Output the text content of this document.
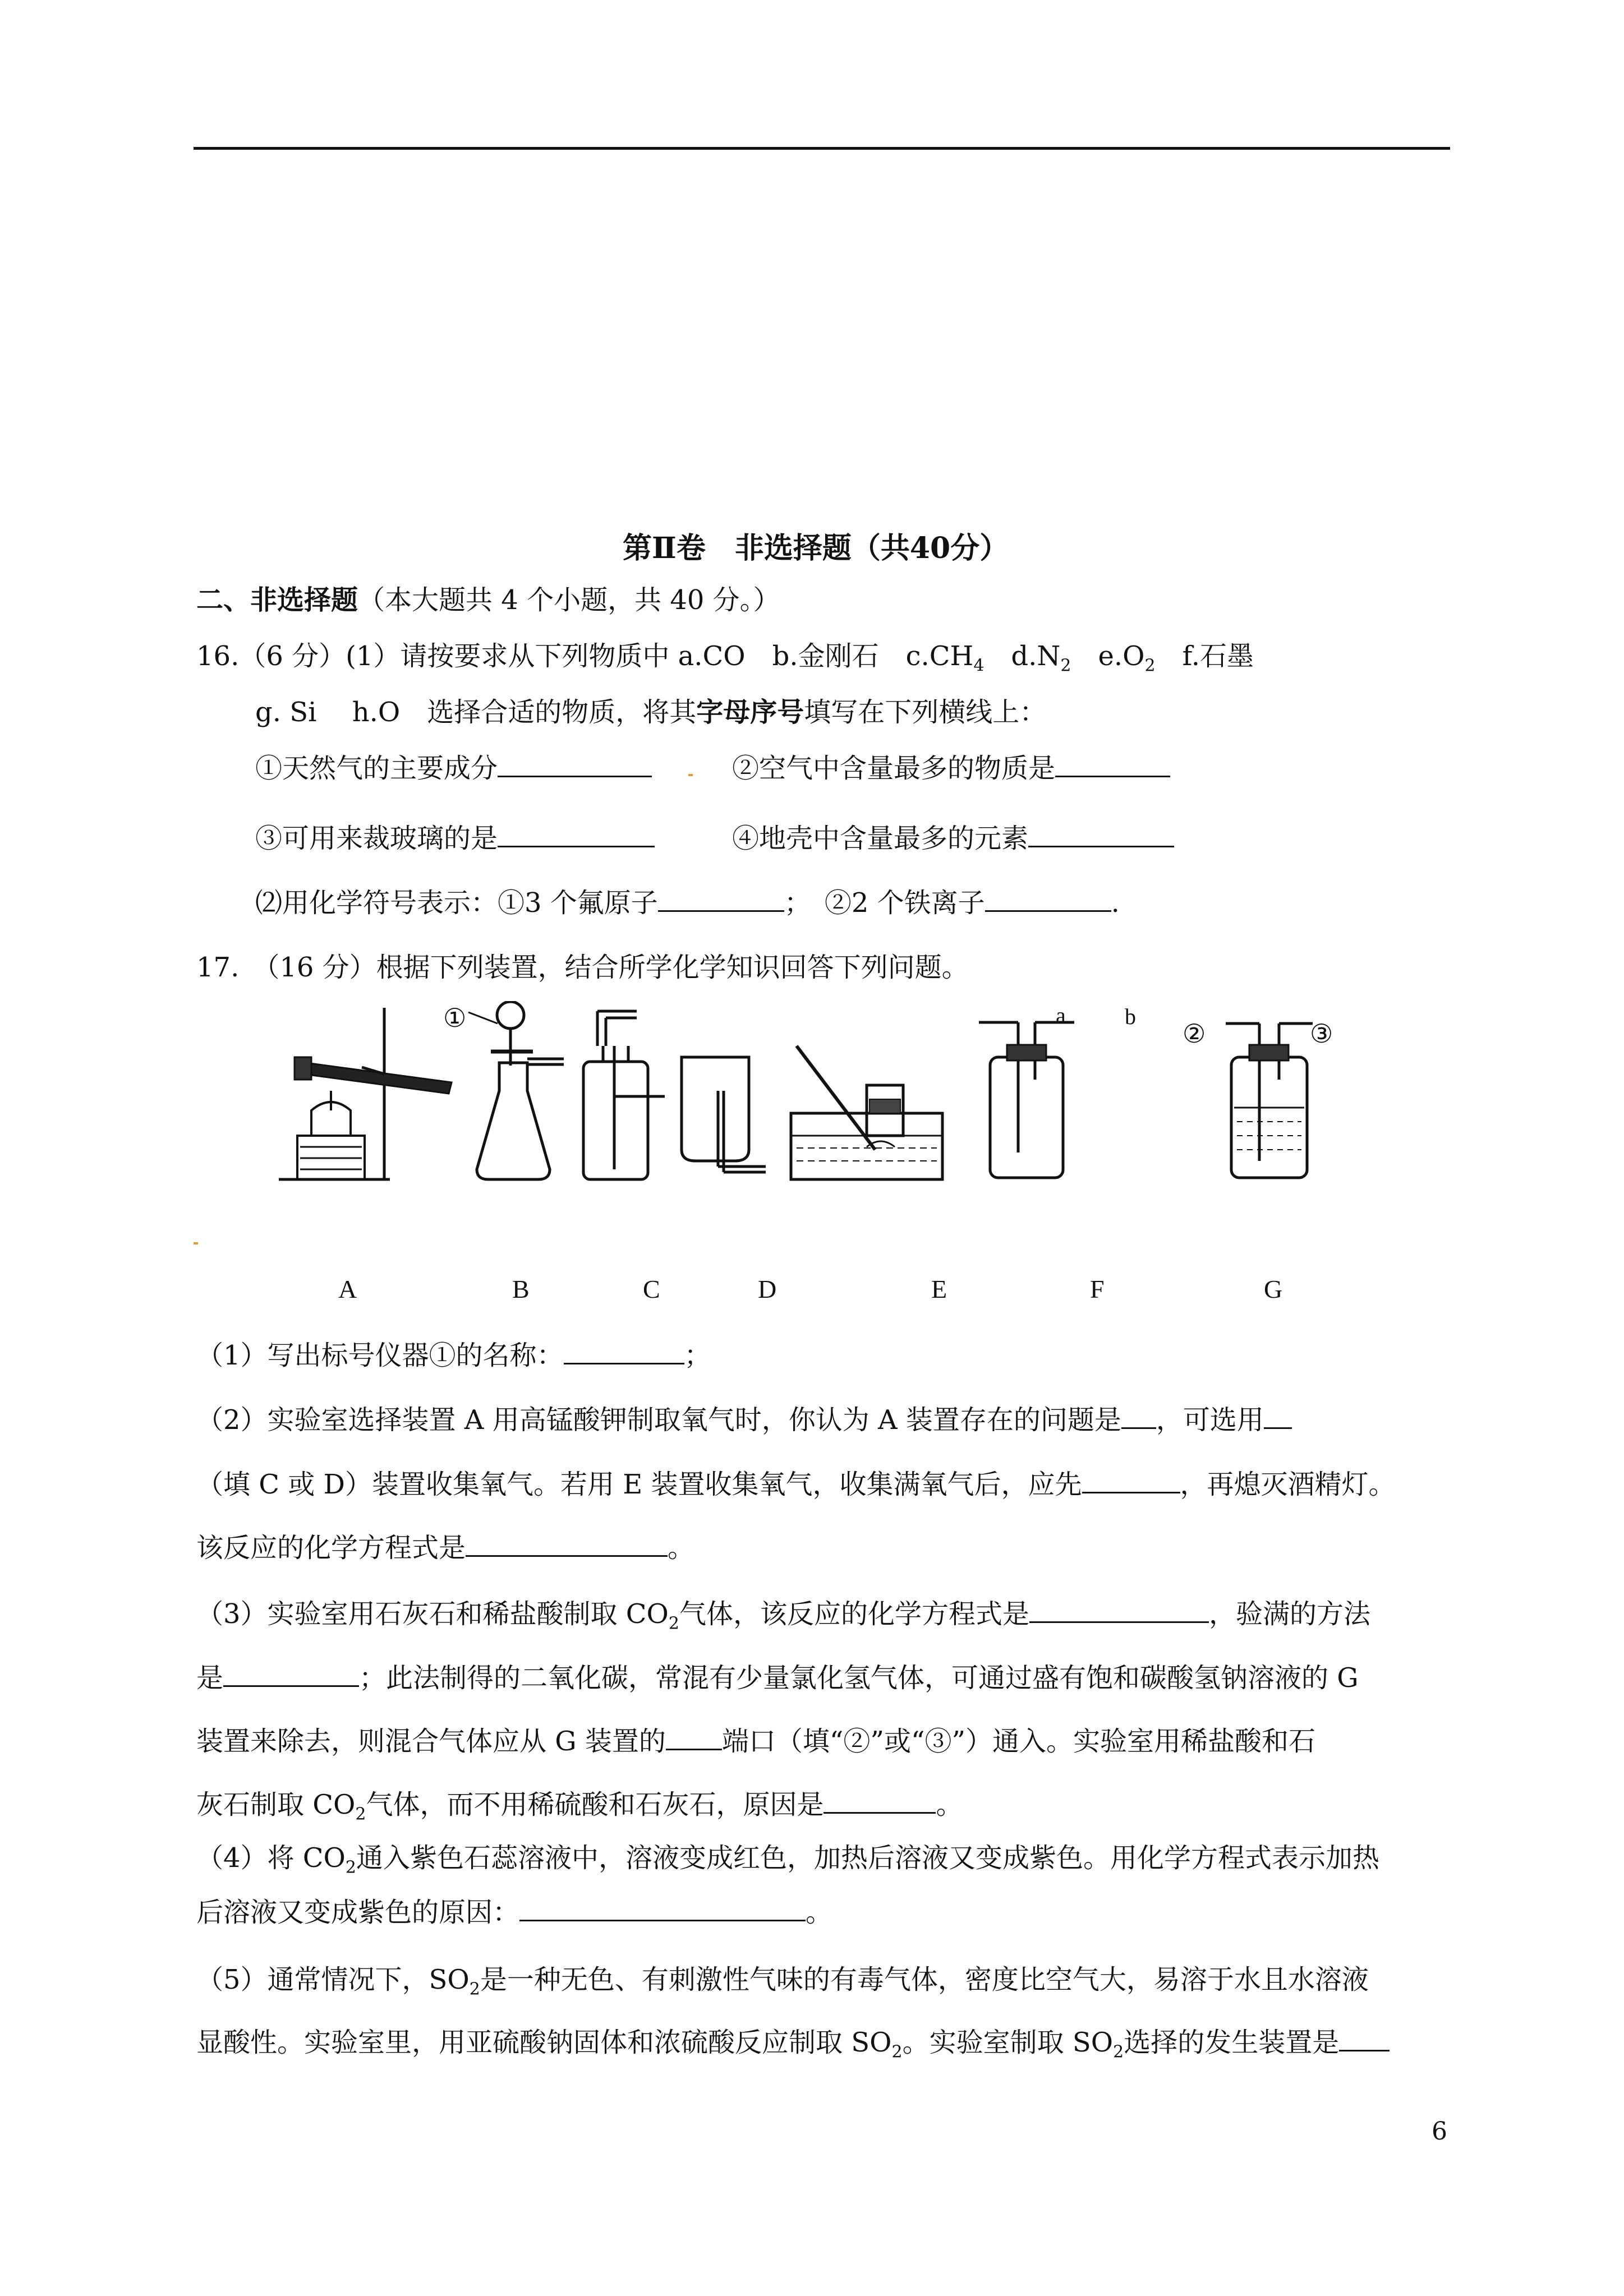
第Ⅱ卷　非选择题（共40分）
二、非选择题（本大题共 4 个小题，共 40 分。）
16.（6 分）(1）请按要求从下列物质中 a.CO　b.金刚石　$c.CH_4$　$d.N_2$　$e.O_2$　f.石墨
g. Si　 h.O　选择合适的物质，将其字母序号填写在下列横线上：
①天然气的主要成分	②空气中含量最多的物质是
③可用来裁玻璃的是	④地壳中含量最多的元素
⑵用化学符号表示：①3 个氟原子	；　②2 个铁离子	.
17.　（16 分）根据下列装置，结合所学化学知识回答下列问题。
①	a	b
②	③
A	B	C	D	E	F	G
（1）写出标号仪器①的名称：	；
（2）实验室选择装置 A 用高锰酸钾制取氧气时，你认为 A 装置存在的问题是 ，可选用
（填 C 或 D）装置收集氧气。若用 E 装置收集氧气，收集满氧气后，应先	，再熄灭酒精灯。
该反应的化学方程式是	。
（3）实验室用石灰石和稀盐酸制取 $CO_2$气体，该反应的化学方程式是	，验满的方法
是	；此法制得的二氧化碳，常混有少量氯化氢气体，可通过盛有饱和碳酸氢钠溶液的 G
装置来除去，则混合气体应从 G 装置的 端口（填“②”或“③”）通入。实验室用稀盐酸和石
灰石制取 $CO_2$气体，而不用稀硫酸和石灰石，原因是	。
（4）将 $CO_2$通入紫色石蕊溶液中，溶液变成红色，加热后溶液又变成紫色。用化学方程式表示加热
后溶液又变成紫色的原因：	。
（5）通常情况下，$SO_2$是一种无色、有刺激性气味的有毒气体，密度比空气大，易溶于水且水溶液
显酸性。实验室里，用亚硫酸钠固体和浓硫酸反应制取 $SO_2$。实验室制取 $SO_2$选择的发生装置是
6
